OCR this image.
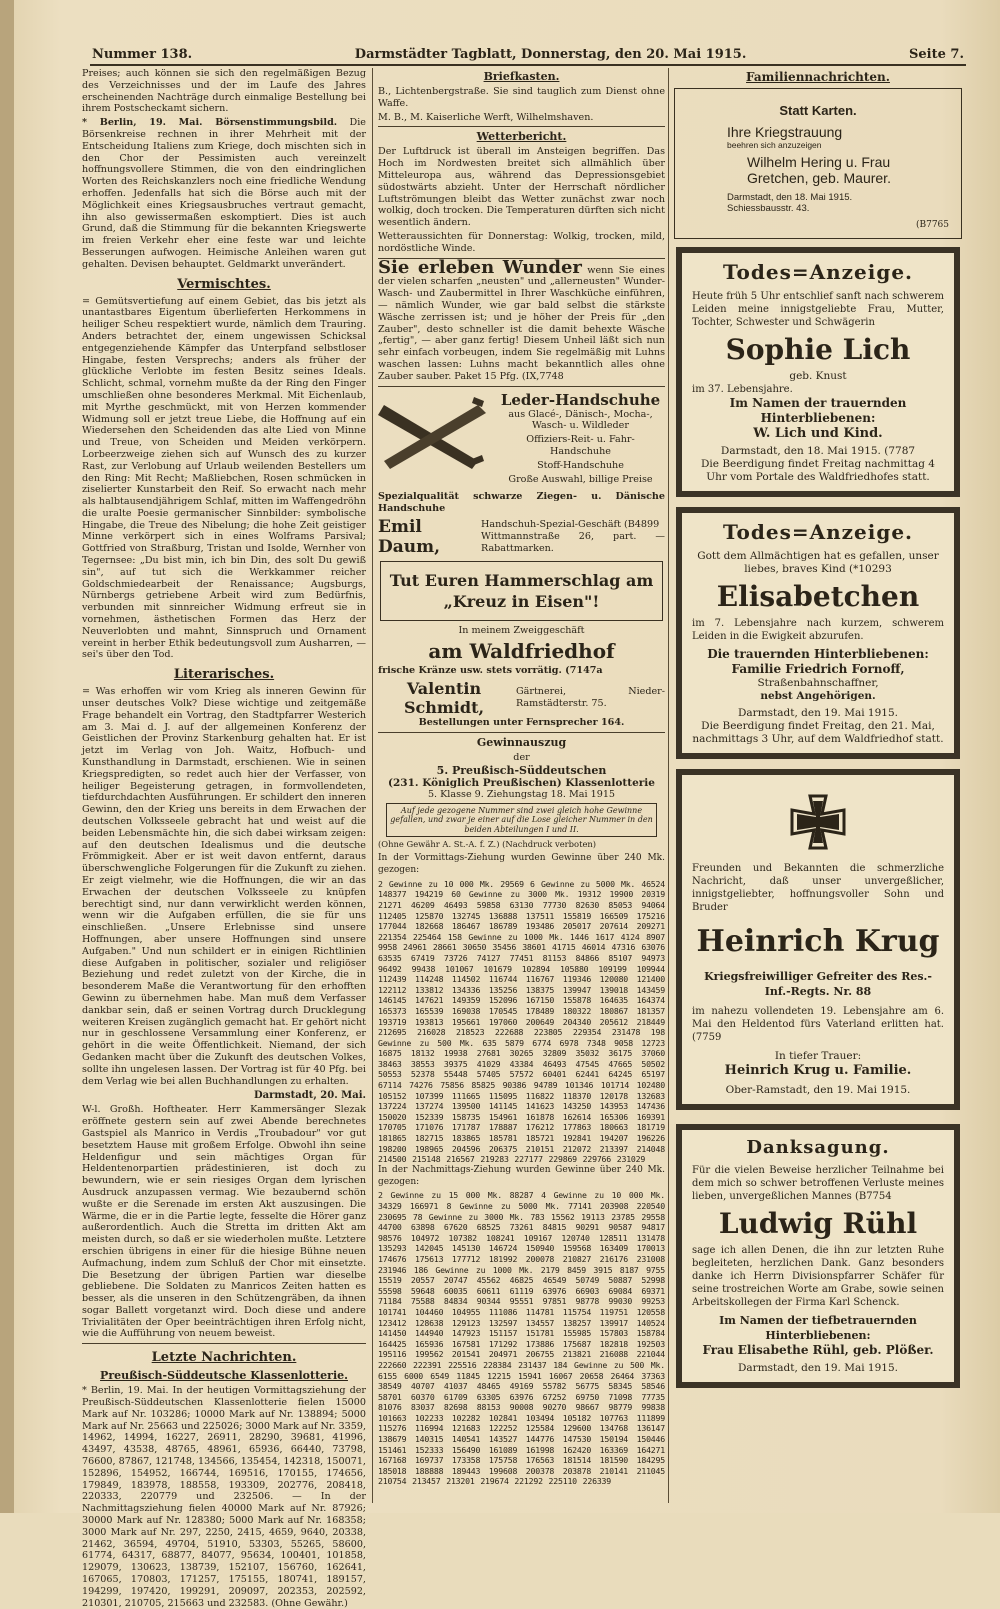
Nummer 138.	Darmstädter Tagblatt, Donnerstag, den 20. Mai 1915.	Seite 7.

Preises; auch können sie sich den regelmäßigen Bezug des Verzeichnisses und der im Laufe des Jahres erscheinenden Nachträge durch einmalige Bestellung bei ihrem Postscheckamt sichern.

* Berlin, 19. Mai. Börsenstimmungsbild. Die Börsenkreise rechnen in ihrer Mehrheit mit der Entscheidung Italiens zum Kriege, doch mischten sich in den Chor der Pessimisten auch vereinzelt hoffnungsvollere Stimmen, die von den eindringlichen Worten des Reichskanzlers noch eine friedliche Wendung erhoffen. Jedenfalls hat sich die Börse auch mit der Möglichkeit eines Kriegsausbruches vertraut gemacht, ihn also gewissermaßen eskomptiert. Dies ist auch Grund, daß die Stimmung für die bekannten Kriegswerte im freien Verkehr eher eine feste war und leichte Besserungen aufwogen. Heimische Anleihen waren gut gehalten. Devisen behauptet. Geldmarkt unverändert.

Vermischtes.

= Gemütsvertiefung auf einem Gebiet, das bis jetzt als unantastbares Eigentum überlieferten Herkommens in heiliger Scheu respektiert wurde, nämlich dem Trauring. Anders betrachtet der, einem ungewissen Schicksal entgegenziehende Kämpfer das Unterpfand selbstloser Hingabe, festen Versprechs; anders als früher der glückliche Verlobte im festen Besitz seines Ideals. Schlicht, schmal, vornehm mußte da der Ring den Finger umschließen ohne besonderes Merkmal. Mit Eichenlaub, mit Myrthe geschmückt, mit von Herzen kommender Widmung soll er jetzt treue Liebe, die Hoffnung auf ein Wiedersehen den Scheidenden das alte Lied von Minne und Treue, von Scheiden und Meiden verkörpern. Lorbeerzweige ziehen sich auf Wunsch des zu kurzer Rast, zur Verlobung auf Urlaub weilenden Bestellers um den Ring: Mit Recht; Maßliebchen, Rosen schmücken in ziselierter Kunstarbeit den Reif. So erwacht nach mehr als halbtausendjährigem Schlaf, mitten im Waffengedröhn die uralte Poesie germanischer Sinnbilder: symbolische Hingabe, die Treue des Nibelung; die hohe Zeit geistiger Minne verkörpert sich in eines Wolframs Parsival; Gottfried von Straßburg, Tristan und Isolde, Wernher von Tegernsee: „Du bist min, ich bin Din, des solt Du gewiß sin", auf tut sich die Werkkammer reicher Goldschmiedearbeit der Renaissance; Augsburgs, Nürnbergs getriebene Arbeit wird zum Bedürfnis, verbunden mit sinnreicher Widmung erfreut sie in vornehmen, ästhetischen Formen das Herz der Neuverlobten und mahnt, Sinnspruch und Ornament vereint in herber Ethik bedeutungsvoll zum Ausharren, — sei's über den Tod.

Literarisches.

= Was erhoffen wir vom Krieg als inneren Gewinn für unser deutsches Volk? Diese wichtige und zeitgemäße Frage behandelt ein Vortrag, den Stadtpfarrer Westerich am 3. Mai d. J. auf der allgemeinen Konferenz der Geistlichen der Provinz Starkenburg gehalten hat. Er ist jetzt im Verlag von Joh. Waitz, Hofbuch- und Kunsthandlung in Darmstadt, erschienen. Wie in seinen Kriegspredigten, so redet auch hier der Verfasser, von heiliger Begeisterung getragen, in formvollendeten, tiefdurchdachten Ausführungen. Er schildert den inneren Gewinn, den der Krieg uns bereits in dem Erwachen der deutschen Volksseele gebracht hat und weist auf die beiden Lebensmächte hin, die sich dabei wirksam zeigen: auf den deutschen Idealismus und die deutsche Frömmigkeit. Aber er ist weit davon entfernt, daraus überschwengliche Folgerungen für die Zukunft zu ziehen. Er zeigt vielmehr, wie die Hoffnungen, die wir an das Erwachen der deutschen Volksseele zu knüpfen berechtigt sind, nur dann verwirklicht werden können, wenn wir die Aufgaben erfüllen, die sie für uns einschließen. „Unsere Erlebnisse sind unsere Hoffnungen, aber unsere Hoffnungen sind unsere Aufgaben." Und nun schildert er in einigen Richtlinien diese Aufgaben in politischer, sozialer und religiöser Beziehung und redet zuletzt von der Kirche, die in besonderem Maße die Verantwortung für den erhofften Gewinn zu übernehmen habe. Man muß dem Verfasser dankbar sein, daß er seinen Vortrag durch Drucklegung weiteren Kreisen zugänglich gemacht hat. Er gehört nicht nur in geschlossene Versammlung einer Konferenz, er gehört in die weite Öffentlichkeit. Niemand, der sich Gedanken macht über die Zukunft des deutschen Volkes, sollte ihn ungelesen lassen. Der Vortrag ist für 40 Pfg. bei dem Verlag wie bei allen Buchhandlungen zu erhalten.

Darmstadt, 20. Mai.

W-l. Großh. Hoftheater. Herr Kammersänger Slezak eröffnete gestern sein auf zwei Abende berechnetes Gastspiel als Manrico in Verdis „Troubadour" vor gut besetztem Hause mit großem Erfolge. Obwohl ihn seine Heldenfigur und sein mächtiges Organ für Heldentenorpartien prädestinieren, ist doch zu bewundern, wie er sein riesiges Organ dem lyrischen Ausdruck anzupassen vermag. Wie bezaubernd schön wußte er die Serenade im ersten Akt auszusingen. Die Wärme, die er in die Partie legte, fesselte die Hörer ganz außerordentlich. Auch die Stretta im dritten Akt am meisten durch, so daß er sie wiederholen mußte. Letztere erschien übrigens in einer für die hiesige Bühne neuen Aufmachung, indem zum Schluß der Chor mit einsetzte. Die Besetzung der übrigen Partien war dieselbe gebliebene. Die Soldaten zu Manricos Zeiten hatten es besser, als die unseren in den Schützengräben, da ihnen sogar Ballett vorgetanzt wird. Doch diese und andere Trivialitäten der Oper beeinträchtigen ihren Erfolg nicht, wie die Aufführung von neuem beweist.

Letzte Nachrichten.
Preußisch-Süddeutsche Klassenlotterie.

* Berlin, 19. Mai. In der heutigen Vormittagsziehung der Preußisch-Süddeutschen Klassenlotterie fielen 15000 Mark auf Nr. 103286; 10000 Mark auf Nr. 138894; 5000 Mark auf Nr. 25663 und 225026; 3000 Mark auf Nr. 3359, 14962, 14994, 16227, 26911, 28290, 39681, 41996, 43497, 43538, 48765, 48961, 65936, 66440, 73798, 76600, 87867, 121748, 134566, 135454, 142318, 150071, 152896, 154952, 166744, 169516, 170155, 174656, 179849, 183978, 188558, 193309, 202776, 208418, 220333, 220779 und 232506. — In der Nachmittagsziehung fielen 40000 Mark auf Nr. 87926; 30000 Mark auf Nr. 128380; 5000 Mark auf Nr. 168358; 3000 Mark auf Nr. 297, 2250, 2415, 4659, 9640, 20338, 21462, 36594, 49704, 51910, 53303, 55265, 58600, 61774, 64317, 68877, 84077, 95634, 100401, 101858, 129079, 130623, 138739, 152107, 156760, 162641, 167065, 170803, 171257, 175155, 180741, 189157, 194299, 197420, 199291, 209097, 202353, 202592, 210301, 210705, 215663 und 232583. (Ohne Gewähr.)

Briefkasten.

B., Lichtenbergstraße. Sie sind tauglich zum Dienst ohne Waffe.

M. B., M. Kaiserliche Werft, Wilhelmshaven.

Wetterbericht.

Der Luftdruck ist überall im Ansteigen begriffen. Das Hoch im Nordwesten breitet sich allmählich über Mitteleuropa aus, während das Depressionsgebiet südostwärts abzieht. Unter der Herrschaft nördlicher Luftströmungen bleibt das Wetter zunächst zwar noch wolkig, doch trocken. Die Temperaturen dürften sich nicht wesentlich ändern.

Wetteraussichten für Donnerstag: Wolkig, trocken, mild, nordöstliche Winde.

Sie erleben Wunder wenn Sie eines der vielen scharfen „neusten" und „allerneusten" Wunder-Wasch- und Zaubermittel in Ihrer Waschküche einführen, — nämlich Wunder, wie gar bald selbst die stärkste Wäsche zerrissen ist; und je höher der Preis für „den Zauber", desto schneller ist die damit behexte Wäsche „fertig", — aber ganz fertig! Diesem Unheil läßt sich nun sehr einfach vorbeugen, indem Sie regelmäßig mit Luhns waschen lassen: Luhns macht bekanntlich alles ohne Zauber sauber. Paket 15 Pfg. (IX,7748

Leder-Handschuhe
aus Glacé-, Dänisch-, Mocha-, Wasch- u. Wildleder
Offiziers-Reit- u. Fahr-Handschuhe
Stoff-Handschuhe
Große Auswahl, billige Preise
Spezialqualität schwarze Ziegen- u. Dänische Handschuhe
Emil Daum,
Handschuh-Spezial-Geschäft (B4899
Wittmannstraße 26, part. — Rabattmarken.
Tut Euren Hammerschlag am „Kreuz in Eisen"!
In meinem Zweiggeschäft
am Waldfriedhof
frische Kränze usw. stets vorrätig. (7147a
Valentin Schmidt,
Gärtnerei, Nieder-Ramstädterstr. 75.
Bestellungen unter Fernsprecher 164.
Gewinnauszug
der
5. Preußisch-Süddeutschen
(231. Königlich Preußischen) Klassenlotterie
5. Klasse 9. Ziehungstag 18. Mai 1915
Auf jede gezogene Nummer sind zwei gleich hohe Gewinne gefallen, und zwar je einer auf die Lose gleicher Nummer in den beiden Abteilungen I und II.
(Ohne Gewähr A. St.-A. f. Z.) (Nachdruck verboten)
In der Vormittags-Ziehung wurden Gewinne über 240 Mk. gezogen:
2 Gewinne zu 10 000 Mk. 29569 6 Gewinne zu 5000 Mk. 46524 148377 194219 60 Gewinne zu 3000 Mk. 19312 19900 20319 21271 46209 46493 59858 63130 77730 82630 85053 94064 112405 125870 132745 136888 137511 155819 166509 175216 177044 182668 186467 186789 193486 205017 207614 209271 221354 225464 158 Gewinne zu 1000 Mk. 1446 1617 4124 8907 9958 24961 28661 30650 35456 38601 41715 46014 47316 63076 63535 67419 73726 74127 77451 81153 84866 85107 94973 96492 99438 101067 101679 102894 105880 109199 109944 112439 114248 114502 116744 116767 119346 120080 121400 122112 133812 134336 135256 138375 139947 139018 143459 146145 147621 149359 152096 167150 155878 164635 164374 165373 165539 169038 170545 178489 180322 180867 181357 193719 193813 195661 197060 200649 204340 205612 218449 212695 216028 218523 222688 223805 229354 231478 198 Gewinne zu 500 Mk. 635 5879 6774 6978 7348 9058 12723 16875 18132 19938 27681 30265 32809 35032 36175 37060 38463 38553 39375 41029 43384 46493 47545 47665 50502 50553 52378 55448 57405 57572 60401 62441 64245 65197 67114 74276 75856 85825 90386 94789 101346 101714 102480 105152 107399 111665 115095 116822 118370 120178 132683 137224 137274 139500 141145 141623 143250 143953 147436 150020 152339 158735 154961 161878 162614 165306 169391 170705 171076 171787 178887 176212 177863 180663 181719 181865 182715 183865 185781 185721 192841 194207 196226 198200 198965 204596 206375 210151 212072 213397 214048 214500 215148 216567 219283 227177 229869 229766 231029
In der Nachmittags-Ziehung wurden Gewinne über 240 Mk. gezogen:
2 Gewinne zu 15 000 Mk. 88287 4 Gewinne zu 10 000 Mk. 34329 166971 8 Gewinne zu 5000 Mk. 77141 203908 220540 230695 78 Gewinne zu 3000 Mk. 783 15562 19113 23785 29558 44700 63898 67620 68525 73261 84815 90291 90587 94817 98576 104972 107382 108241 109167 120740 128511 131478 135293 142045 145130 146724 150940 159568 163409 170013 174676 175613 177712 181992 200078 210827 216176 231008 231946 186 Gewinne zu 1000 Mk. 2179 8459 3915 8187 9755 15519 20557 20747 45562 46825 46549 50749 50887 52998 55598 59648 60035 60611 61119 63976 66903 69084 69371 71184 75588 84834 90344 95551 97851 98778 99030 99253 101741 104460 104955 111086 114781 115754 119751 120558 123412 128638 129123 132597 134557 138257 139917 140524 141450 144940 147923 151157 151781 155985 157803 158784 164425 165936 167581 171292 173886 175687 182818 192503 195116 199562 201541 204971 206755 213821 216088 221044 222660 222391 225516 228384 231437 184 Gewinne zu 500 Mk. 6155 6000 6549 11845 12215 15941 16067 20658 26464 37363 38549 40707 41037 48465 49169 55782 56775 58345 58546 58701 60370 61709 63305 63976 67252 69750 71098 77735 81076 83037 82698 88153 90008 90270 98667 98779 99838 101663 102233 102282 102841 103494 105182 107763 111899 115276 116994 121683 122252 125584 129600 134768 136147 138679 140315 140541 143527 144776 147530 150194 150446 151461 152333 156490 161089 161998 162420 163369 164271 167168 169737 173358 175758 176563 181514 181590 184295 185018 188888 189443 199608 200378 203878 210141 211045 210754 213457 213201 219674 221292 225110 226339
Familiennachrichten.
Statt Karten.
Ihre Kriegstrauung
beehren sich anzuzeigen
Wilhelm Hering u. Frau
Gretchen, geb. Maurer.
Darmstadt, den 18. Mai 1915.
Schiessbausstr. 43.
(B7765
Todes=Anzeige.
Heute früh 5 Uhr entschlief sanft nach schwerem Leiden meine innigstgeliebte Frau, Mutter, Tochter, Schwester und Schwägerin
Sophie Lich
geb. Knust
im 37. Lebensjahre.
Im Namen der trauernden Hinterbliebenen:
W. Lich und Kind.
Darmstadt, den 18. Mai 1915. (7787
Die Beerdigung findet Freitag nachmittag 4 Uhr vom Portale des Waldfriedhofes statt.
Todes=Anzeige.
Gott dem Allmächtigen hat es gefallen, unser liebes, braves Kind (*10293
Elisabetchen
im 7. Lebensjahre nach kurzem, schwerem Leiden in die Ewigkeit abzurufen.
Die trauernden Hinterbliebenen:
Familie Friedrich Fornoff,
Straßenbahnschaffner,
nebst Angehörigen.
Darmstadt, den 19. Mai 1915.
Die Beerdigung findet Freitag, den 21. Mai, nachmittags 3 Uhr, auf dem Waldfriedhof statt.
Freunden und Bekannten die schmerzliche Nachricht, daß unser unvergeßlicher, innigstgeliebter, hoffnungsvoller Sohn und Bruder
Heinrich Krug
Kriegsfreiwilliger Gefreiter des Res.-Inf.-Regts. Nr. 88
im nahezu vollendeten 19. Lebensjahre am 6. Mai den Heldentod fürs Vaterland erlitten hat. (7759
In tiefer Trauer:
Heinrich Krug u. Familie.
Ober-Ramstadt, den 19. Mai 1915.
Danksagung.
Für die vielen Beweise herzlicher Teilnahme bei dem mich so schwer betroffenen Verluste meines lieben, unvergeßlichen Mannes (B7754
Ludwig Rühl
sage ich allen Denen, die ihn zur letzten Ruhe begleiteten, herzlichen Dank. Ganz besonders danke ich Herrn Divisionspfarrer Schäfer für seine trostreichen Worte am Grabe, sowie seinen Arbeitskollegen der Firma Karl Schenck.
Im Namen der tiefbetrauernden Hinterbliebenen:
Frau Elisabethe Rühl, geb. Plößer.
Darmstadt, den 19. Mai 1915.
